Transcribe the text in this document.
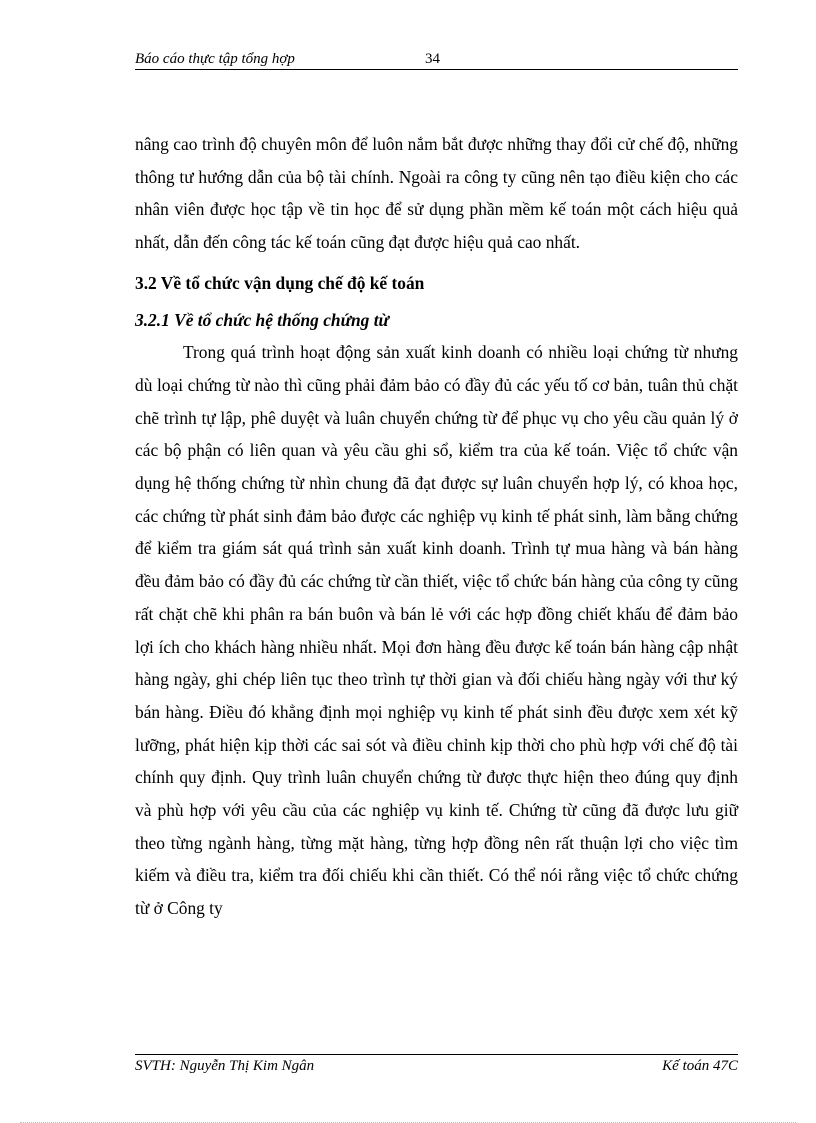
Báo cáo thực tập tổng hợp	34

nâng cao trình độ chuyên môn để luôn nắm bắt được những thay đổi cử chế độ, những thông tư hướng dẫn của bộ tài chính. Ngoài ra công ty cũng nên tạo điều kiện cho các nhân viên được học tập về tin học để sử dụng phần mềm kế toán một cách hiệu quả nhất, dẫn đến công tác kế toán cũng đạt được hiệu quả cao nhất.

3.2 Về tổ chức vận dụng chế độ kế toán
3.2.1 Về tổ chức hệ thống chứng từ

Trong quá trình hoạt động sản xuất kinh doanh có nhiều loại chứng từ nhưng dù loại chứng từ nào thì cũng phải đảm bảo có đầy đủ các yếu tố cơ bản, tuân thủ chặt chẽ trình tự lập, phê duyệt và luân chuyển chứng từ để phục vụ cho yêu cầu quản lý ở các bộ phận có liên quan và yêu cầu ghi sổ, kiểm tra của kế toán. Việc tổ chức vận dụng hệ thống chứng từ nhìn chung đã đạt được sự luân chuyển hợp lý, có khoa học, các chứng từ phát sinh đảm bảo được các nghiệp vụ kinh tế phát sinh, làm bằng chứng để kiểm tra giám sát quá trình sản xuất kinh doanh. Trình tự mua hàng và bán hàng đều đảm bảo có đầy đủ các chứng từ cần thiết, việc tổ chức bán hàng của công ty cũng rất chặt chẽ khi phân ra bán buôn và bán lẻ với các hợp đồng chiết khấu để đảm bảo lợi ích cho khách hàng nhiều nhất. Mọi đơn hàng đều được kế toán bán hàng cập nhật hàng ngày, ghi chép liên tục theo trình tự thời gian và đối chiếu hàng ngày với thư ký bán hàng. Điều đó khẳng định mọi nghiệp vụ kinh tế phát sinh đều được xem xét kỹ lưỡng, phát hiện kịp thời các sai sót và điều chỉnh kịp thời cho phù hợp với chế độ tài chính quy định. Quy trình luân chuyển chứng từ được thực hiện theo đúng quy định và phù hợp với yêu cầu của các nghiệp vụ kinh tế. Chứng từ cũng đã được lưu giữ theo từng ngành hàng, từng mặt hàng, từng hợp đồng nên rất thuận lợi cho việc tìm kiếm và điều tra, kiểm tra đối chiếu khi cần thiết. Có thể nói rằng việc tổ chức chứng từ ở Công ty

SVTH: Nguyễn Thị Kim Ngân	Kế toán 47C
